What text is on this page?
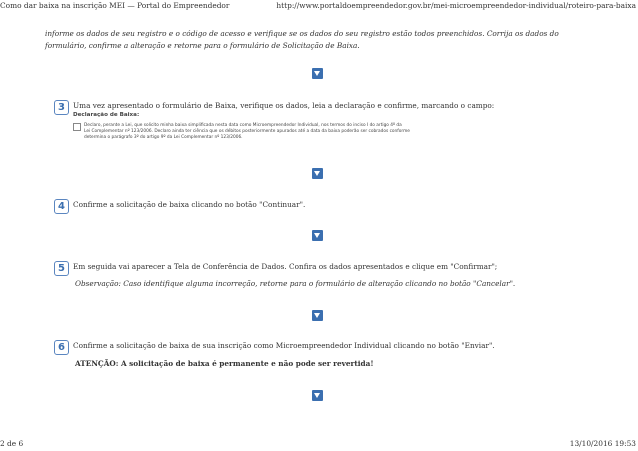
Como dar baixa na inscrição MEI — Portal do Empreendedor	http://www.portaldoempreendedor.gov.br/mei-microempreendedor-individual/roteiro-para-baixa
informe os dados de seu registro e o código de acesso e verifique se os dados do seu registro estão todos preenchidos. Corrija os dados do
formulário, confirme a alteração e retorne para o formulário de Solicitação de Baixa.
3	Uma vez apresentado o formulário de Baixa, verifique os dados, leia a declaração e confirme, marcando o campo:
Declaração de Baixa:
Declaro, perante a Lei, que solicito minha baixa simplificada nesta data como Microempreendedor Individual, nos termos do inciso I do artigo 4º da
Lei Complementar nº 123/2006. Declaro ainda ter ciência que os débitos posteriormente apurados até a data da baixa poderão ser cobrados conforme
determina o parágrafo 3º do artigo 9º da Lei Complementar nº 123/2006.
4	Confirme a solicitação de baixa clicando no botão "Continuar".
5	Em seguida vai aparecer a Tela de Conferência de Dados. Confira os dados apresentados e clique em "Confirmar";
Observação: Caso identifique alguma incorreção, retorne para o formulário de alteração clicando no botão "Cancelar".
6	Confirme a solicitação de baixa de sua inscrição como Microempreendedor Individual clicando no botão "Enviar".
ATENÇÃO: A solicitação de baixa é permanente e não pode ser revertida!
2 de 6	13/10/2016 19:53
